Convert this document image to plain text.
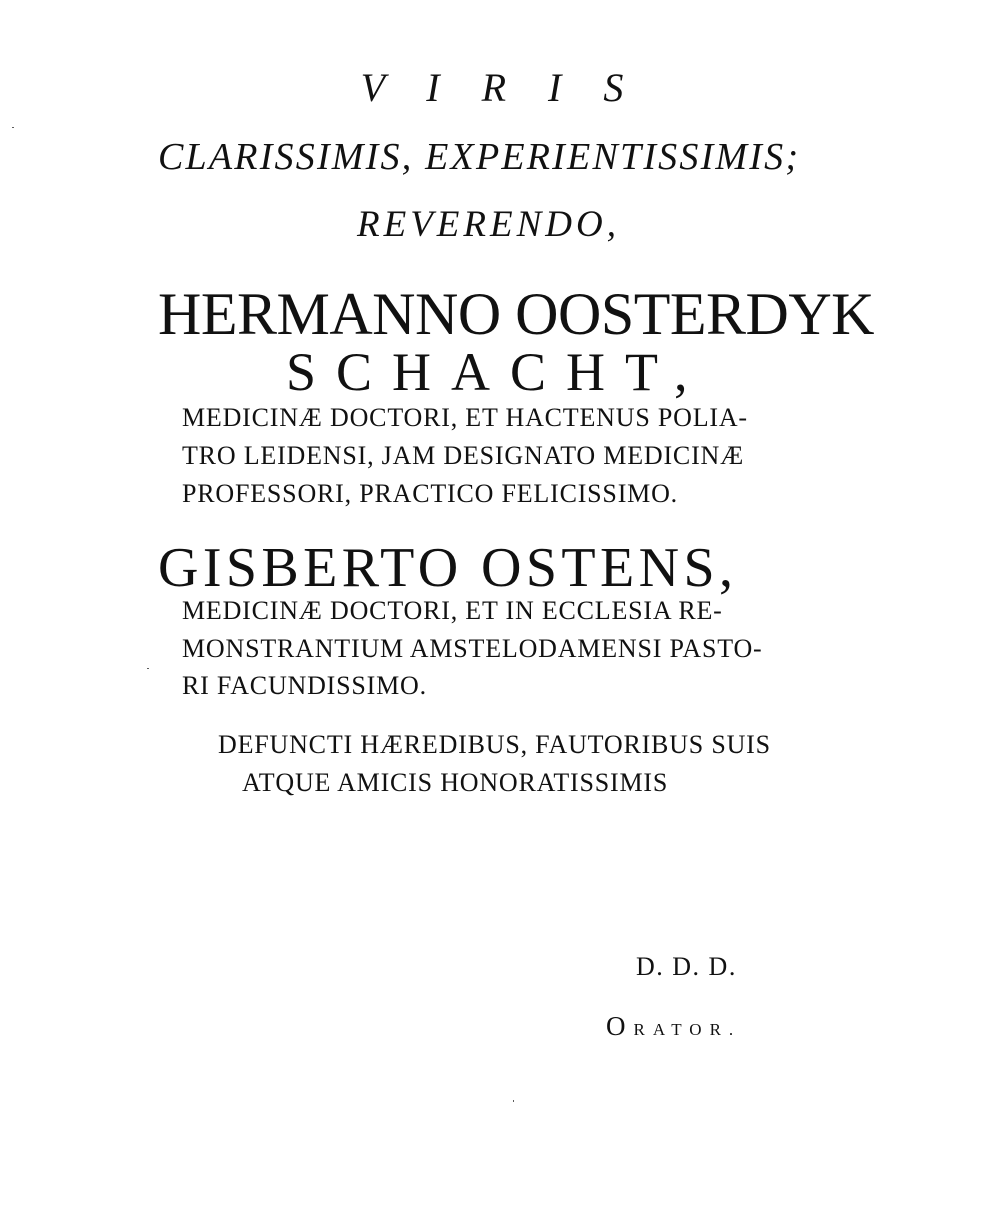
V I R I S

CLARISSIMIS, EXPERIENTISSIMIS;

REVERENDO,

HERMANNO OOSTERDYK

SCHACHT,

MEDICINÆ DOCTORI, ET HACTENUS POLIA-

TRO LEIDENSI, JAM DESIGNATO MEDICINÆ

PROFESSORI, PRACTICO FELICISSIMO.

GISBERTO OSTENS,

MEDICINÆ DOCTORI, ET IN ECCLESIA RE-

MONSTRANTIUM AMSTELODAMENSI PASTO-

RI FACUNDISSIMO.

DEFUNCTI HÆREDIBUS, FAUTORIBUS SUIS

ATQUE AMICIS HONORATISSIMIS

D. D. D.

ORATOR.
